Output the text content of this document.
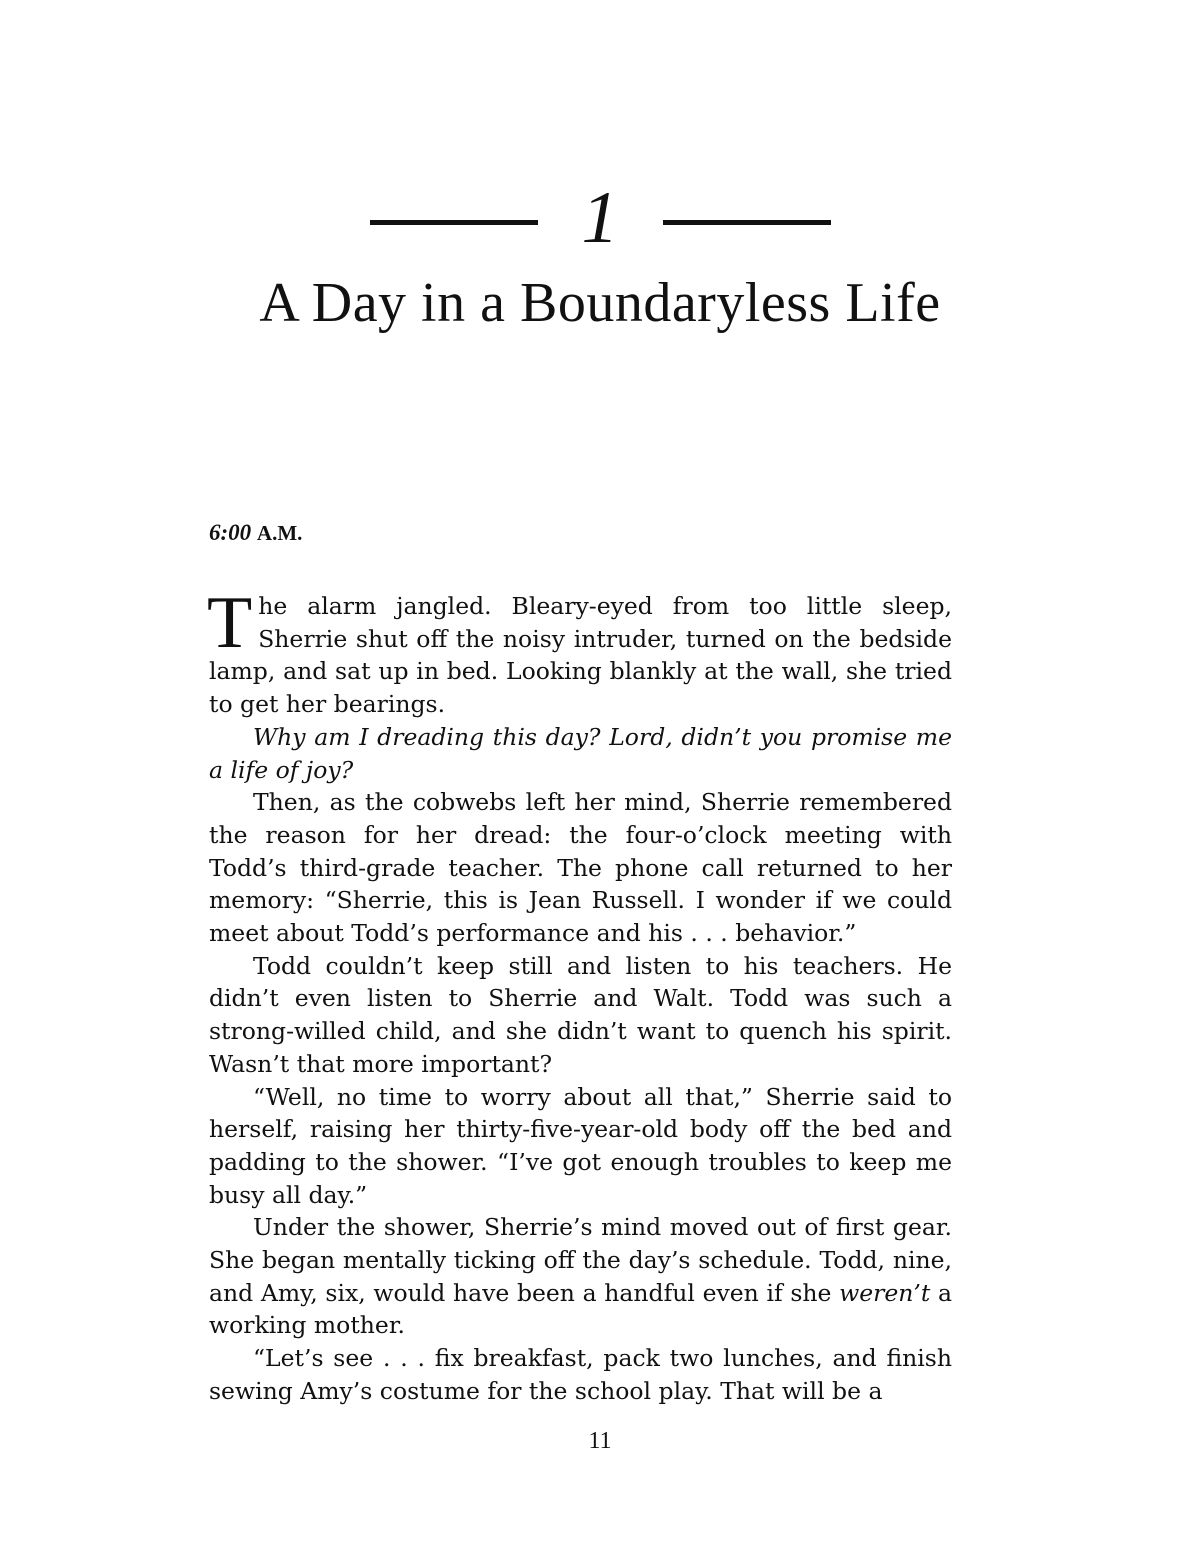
1
A Day in a Boundaryless Life
6:00 A.M.

The alarm jangled. Bleary-eyed from too little sleep, Sherrie shut off the noisy intruder, turned on the bedside lamp, and sat up in bed. Looking blankly at the wall, she tried to get her bearings.

Why am I dreading this day? Lord, didn’t you promise me a life of joy?

Then, as the cobwebs left her mind, Sherrie remembered the reason for her dread: the four-o’clock meeting with Todd’s third-grade teacher. The phone call returned to her memory: “Sherrie, this is Jean Russell. I wonder if we could meet about Todd’s performance and his . . . behavior.”

Todd couldn’t keep still and listen to his teachers. He didn’t even listen to Sherrie and Walt. Todd was such a strong-willed child, and she didn’t want to quench his spirit. Wasn’t that more important?

“Well, no time to worry about all that,” Sherrie said to herself, raising her thirty-five-year-old body off the bed and padding to the shower. “I’ve got enough troubles to keep me busy all day.”

Under the shower, Sherrie’s mind moved out of first gear. She began mentally ticking off the day’s schedule. Todd, nine, and Amy, six, would have been a handful even if she weren’t a working mother.

“Let’s see . . . fix breakfast, pack two lunches, and finish sewing Amy’s costume for the school play. That will be a

11
